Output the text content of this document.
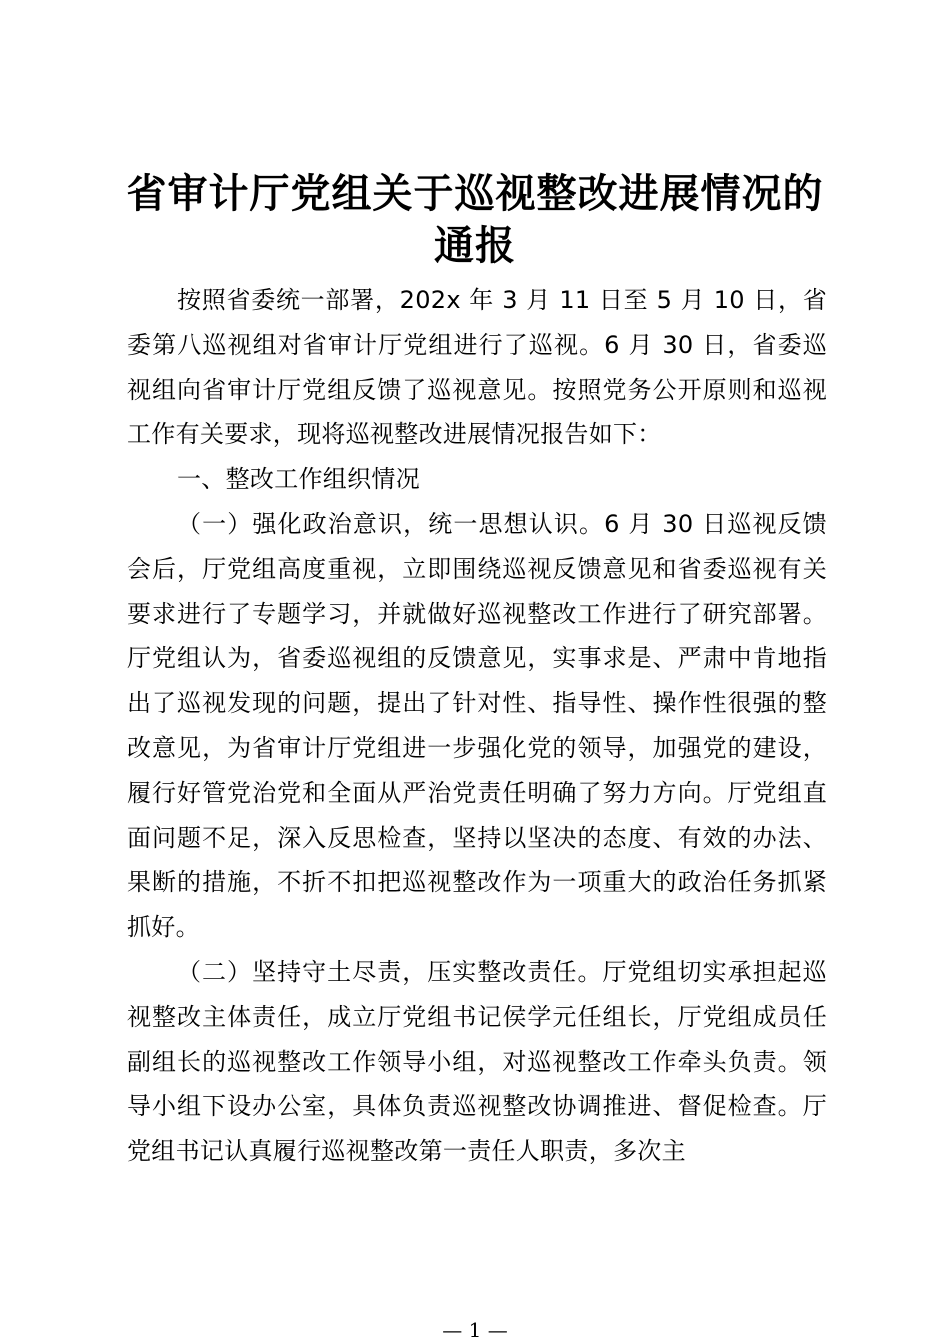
省审计厅党组关于巡视整改进展情况的
通报

按照省委统一部署，202x 年 3 月 11 日至 5 月 10 日，省委第八巡视组对省审计厅党组进行了巡视。6 月 30 日，省委巡视组向省审计厅党组反馈了巡视意见。按照党务公开原则和巡视工作有关要求，现将巡视整改进展情况报告如下：

一、整改工作组织情况

（一）强化政治意识，统一思想认识。6 月 30 日巡视反馈会后，厅党组高度重视，立即围绕巡视反馈意见和省委巡视有关要求进行了专题学习，并就做好巡视整改工作进行了研究部署。厅党组认为，省委巡视组的反馈意见，实事求是、严肃中肯地指出了巡视发现的问题，提出了针对性、指导性、操作性很强的整改意见，为省审计厅党组进一步强化党的领导，加强党的建设，履行好管党治党和全面从严治党责任明确了努力方向。厅党组直面问题不足，深入反思检查，坚持以坚决的态度、有效的办法、果断的措施，不折不扣把巡视整改作为一项重大的政治任务抓紧抓好。

（二）坚持守土尽责，压实整改责任。厅党组切实承担起巡视整改主体责任，成立厅党组书记侯学元任组长，厅党组成员任副组长的巡视整改工作领导小组，对巡视整改工作牵头负责。领导小组下设办公室，具体负责巡视整改协调推进、督促检查。厅党组书记认真履行巡视整改第一责任人职责，多次主

— 1 —
